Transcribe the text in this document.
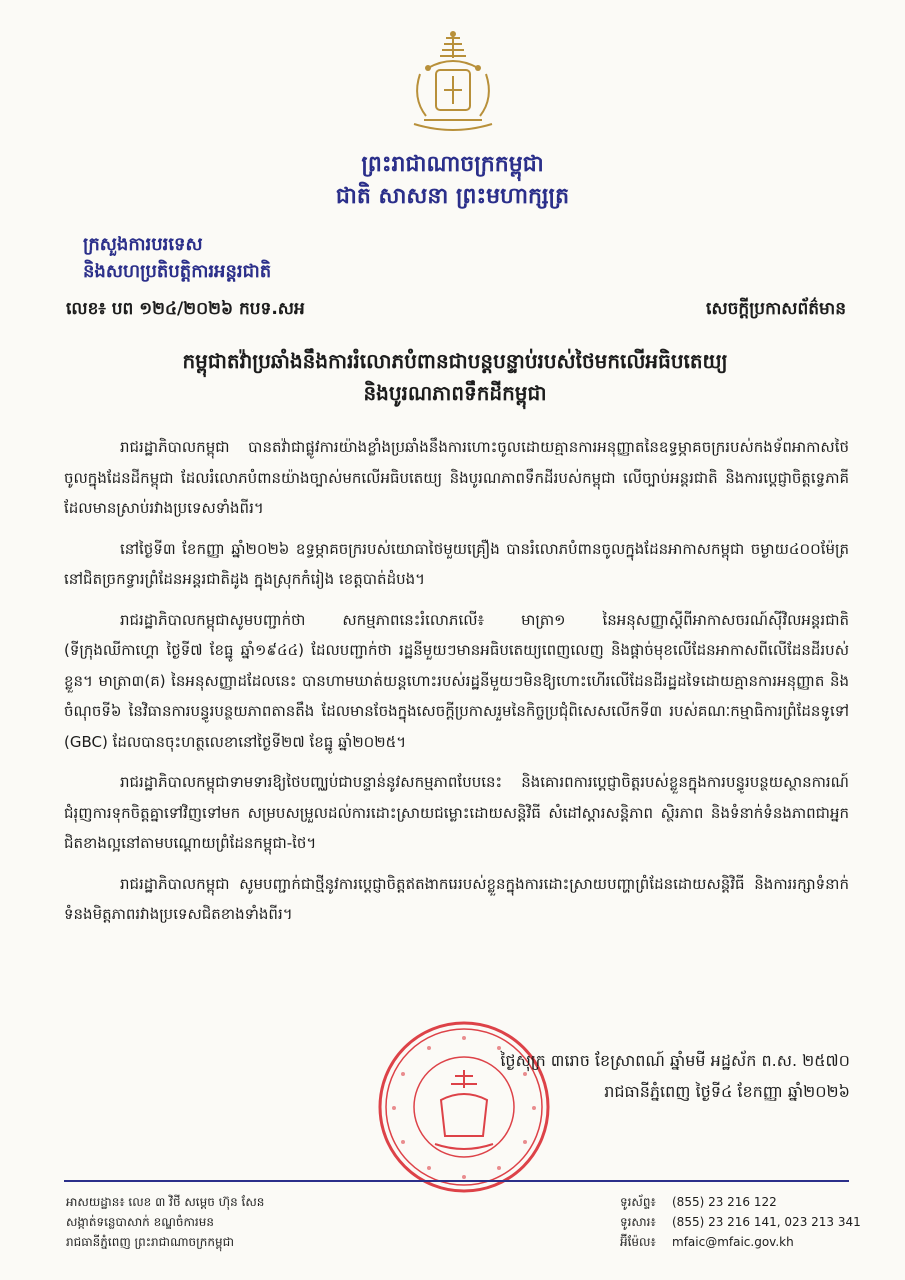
ព្រះរាជាណាចក្រកម្ពុជា
ជាតិ សាសនា ព្រះមហាក្សត្រ
ក្រសួងការបរទេស
និងសហប្រតិបត្តិការអន្តរជាតិ
លេខ៖ បព ១២៤/២០២៦ កបទ.សអ	សេចក្តីប្រកាសព័ត៌មាន
កម្ពុជាតវ៉ាប្រឆាំងនឹងការរំលោភបំពានជាបន្តបន្ទាប់របស់ថៃមកលើអធិបតេយ្យ
និងបូរណភាពទឹកដីកម្ពុជា

រាជរដ្ឋាភិបាលកម្ពុជា បានតវ៉ាជាផ្លូវការយ៉ាងខ្លាំងប្រឆាំងនឹងការហោះចូលដោយគ្មានការអនុញ្ញាតនៃឧទ្ធម្ភាគចក្ររបស់កងទ័ពអាកាសថៃចូលក្នុងដែនដីកម្ពុជា ដែលរំលោភបំពានយ៉ាងច្បាស់មកលើអធិបតេយ្យ និងបូរណភាពទឹកដីរបស់កម្ពុជា លើច្បាប់អន្តរជាតិ និងការប្តេជ្ញាចិត្តទ្វេភាគីដែលមានស្រាប់រវាងប្រទេសទាំងពីរ។

នៅថ្ងៃទី៣ ខែកញ្ញា ឆ្នាំ២០២៦ ឧទ្ធម្ភាគចក្ររបស់យោធាថៃមួយគ្រឿង បានរំលោភបំពានចូលក្នុងដែនអាកាសកម្ពុជា ចម្ងាយ៤០០ម៉ែត្រ នៅជិតច្រកទ្វារព្រំដែនអន្តរជាតិដូង ក្នុងស្រុកកំរៀង ខេត្តបាត់ដំបង។

រាជរដ្ឋាភិបាលកម្ពុជាសូមបញ្ជាក់ថា សកម្មភាពនេះរំលោភលើ៖ មាត្រា១ នៃអនុសញ្ញាស្តីពីអាកាសចរណ៍ស៊ីវិលអន្តរជាតិ (ទីក្រុងឈីកាហ្គោ ថ្ងៃទី៧ ខែធ្នូ ឆ្នាំ១៩៤៤) ដែលបញ្ជាក់ថា រដ្ឋនីមួយៗមានអធិបតេយ្យពេញលេញ និងផ្តាច់មុខលើដែនអាកាសពីលើដែនដីរបស់ខ្លួន។ មាត្រា៣(គ) នៃអនុសញ្ញាដដែលនេះ បានហាមឃាត់យន្តហោះរបស់រដ្ឋនីមួយៗមិនឱ្យហោះហើរលើដែនដីរដ្ឋដទៃដោយគ្មានការអនុញ្ញាត និងចំណុចទី៦ នៃវិធានការបន្ធូរបន្ថយភាពតានតឹង ដែលមានចែងក្នុងសេចក្តីប្រកាសរួមនៃកិច្ចប្រជុំពិសេសលើកទី៣ របស់គណៈកម្មាធិការព្រំដែនទូទៅ (GBC) ដែលបានចុះហត្ថលេខានៅថ្ងៃទី២៧ ខែធ្នូ ឆ្នាំ២០២៥។

រាជរដ្ឋាភិបាលកម្ពុជាទាមទារឱ្យថៃបញ្ឈប់ជាបន្ទាន់នូវសកម្មភាពបែបនេះ និងគោរពការប្តេជ្ញាចិត្តរបស់ខ្លួនក្នុងការបន្ធូរបន្ថយស្ថានការណ៍ ជំរុញការទុកចិត្តគ្នាទៅវិញទៅមក សម្របសម្រួលដល់ការដោះស្រាយជម្លោះដោយសន្តិវិធី សំដៅស្តារសន្តិភាព ស្ថិរភាព និងទំនាក់ទំនងភាពជាអ្នកជិតខាងល្អនៅតាមបណ្តោយព្រំដែនកម្ពុជា-ថៃ។

រាជរដ្ឋាភិបាលកម្ពុជា សូមបញ្ជាក់ជាថ្មីនូវការប្តេជ្ញាចិត្តឥតងាករេរបស់ខ្លួនក្នុងការដោះស្រាយបញ្ហាព្រំដែនដោយសន្តិវិធី និងការរក្សាទំនាក់ទំនងមិត្តភាពរវាងប្រទេសជិតខាងទាំងពីរ។

ថ្ងៃសុក្រ ៣រោច ខែស្រាពណ៍ ឆ្នាំមមី អដ្ឋស័ក ព.ស. ២៥៧០
រាជធានីភ្នំពេញ ថ្ងៃទី៤ ខែកញ្ញា ឆ្នាំ២០២៦
អាសយដ្ឋាន៖ លេខ ៣ វិថី សម្តេច ហ៊ុន សែន
សង្កាត់ទន្លេបាសាក់ ខណ្ឌចំការមន
រាជធានីភ្នំពេញ ព្រះរាជាណាចក្រកម្ពុជា
ទូរស័ព្ទ៖ (855) 23 216 122
ទូរសារ៖ (855) 23 216 141, 023 213 341
អ៊ីម៉ែល៖ mfaic@mfaic.gov.kh
